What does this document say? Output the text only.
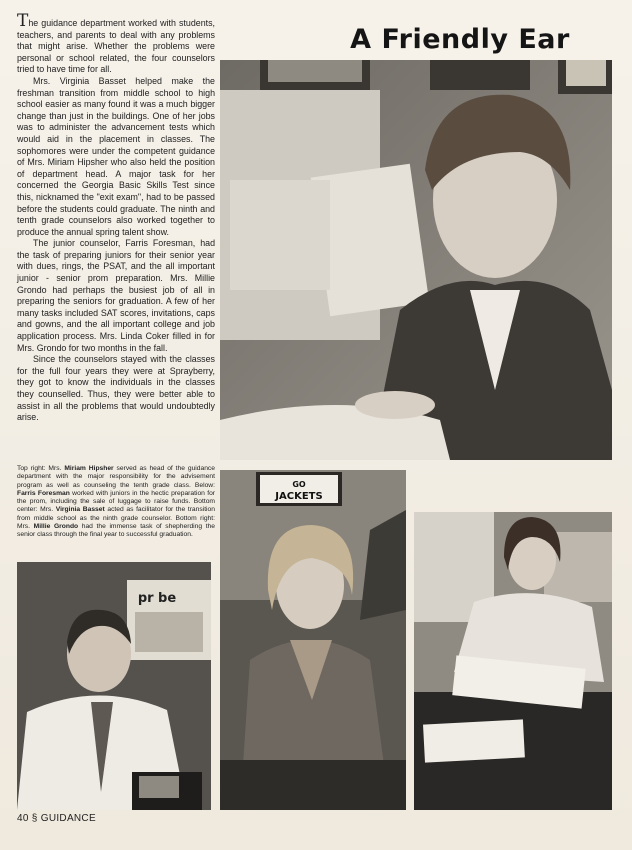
A Friendly Ear

The guidance department worked with students, teachers, and parents to deal with any problems that might arise. Whether the problems were personal or school related, the four counselors tried to have time for all.

Mrs. Virginia Basset helped make the freshman transition from middle school to high school easier as many found it was a much bigger change than just in the buildings. One of her jobs was to administer the advancement tests which would aid in the placement in classes. The sophomores were under the competent guidance of Mrs. Miriam Hipsher who also held the position of department head. A major task for her concerned the Georgia Basic Skills Test since this, nicknamed the "exit exam", had to be passed before the students could graduate. The ninth and tenth grade counselors also worked together to produce the annual spring talent show.

The junior counselor, Farris Foresman, had the task of preparing juniors for their senior year with dues, rings, the PSAT, and the all important junior - senior prom preparation. Mrs. Millie Grondo had perhaps the busiest job of all in preparing the seniors for graduation. A few of her many tasks included SAT scores, invitations, caps and gowns, and the all important college and job application process. Mrs. Linda Coker filled in for Mrs. Grondo for two months in the fall.

Since the counselors stayed with the classes for the full four years they were at Sprayberry, they got to know the individuals in the classes they counselled. Thus, they were better able to assist in all the problems that would undoubtedly arise.

Top right: Mrs. Miriam Hipsher served as head of the guidance department with the major responsibility for the advisement program as well as counseling the tenth grade class. Below: Farris Foresman worked with juniors in the hectic preparation for the prom, including the sale of luggage to raise funds. Bottom center: Mrs. Virginia Basset acted as facilitator for the transition from middle school as the ninth grade counselor. Bottom right: Mrs. Millie Grondo had the immense task of shepherding the senior class through the final year to successful graduation.
GO
JACKETS
pr be
40 § GUIDANCE
